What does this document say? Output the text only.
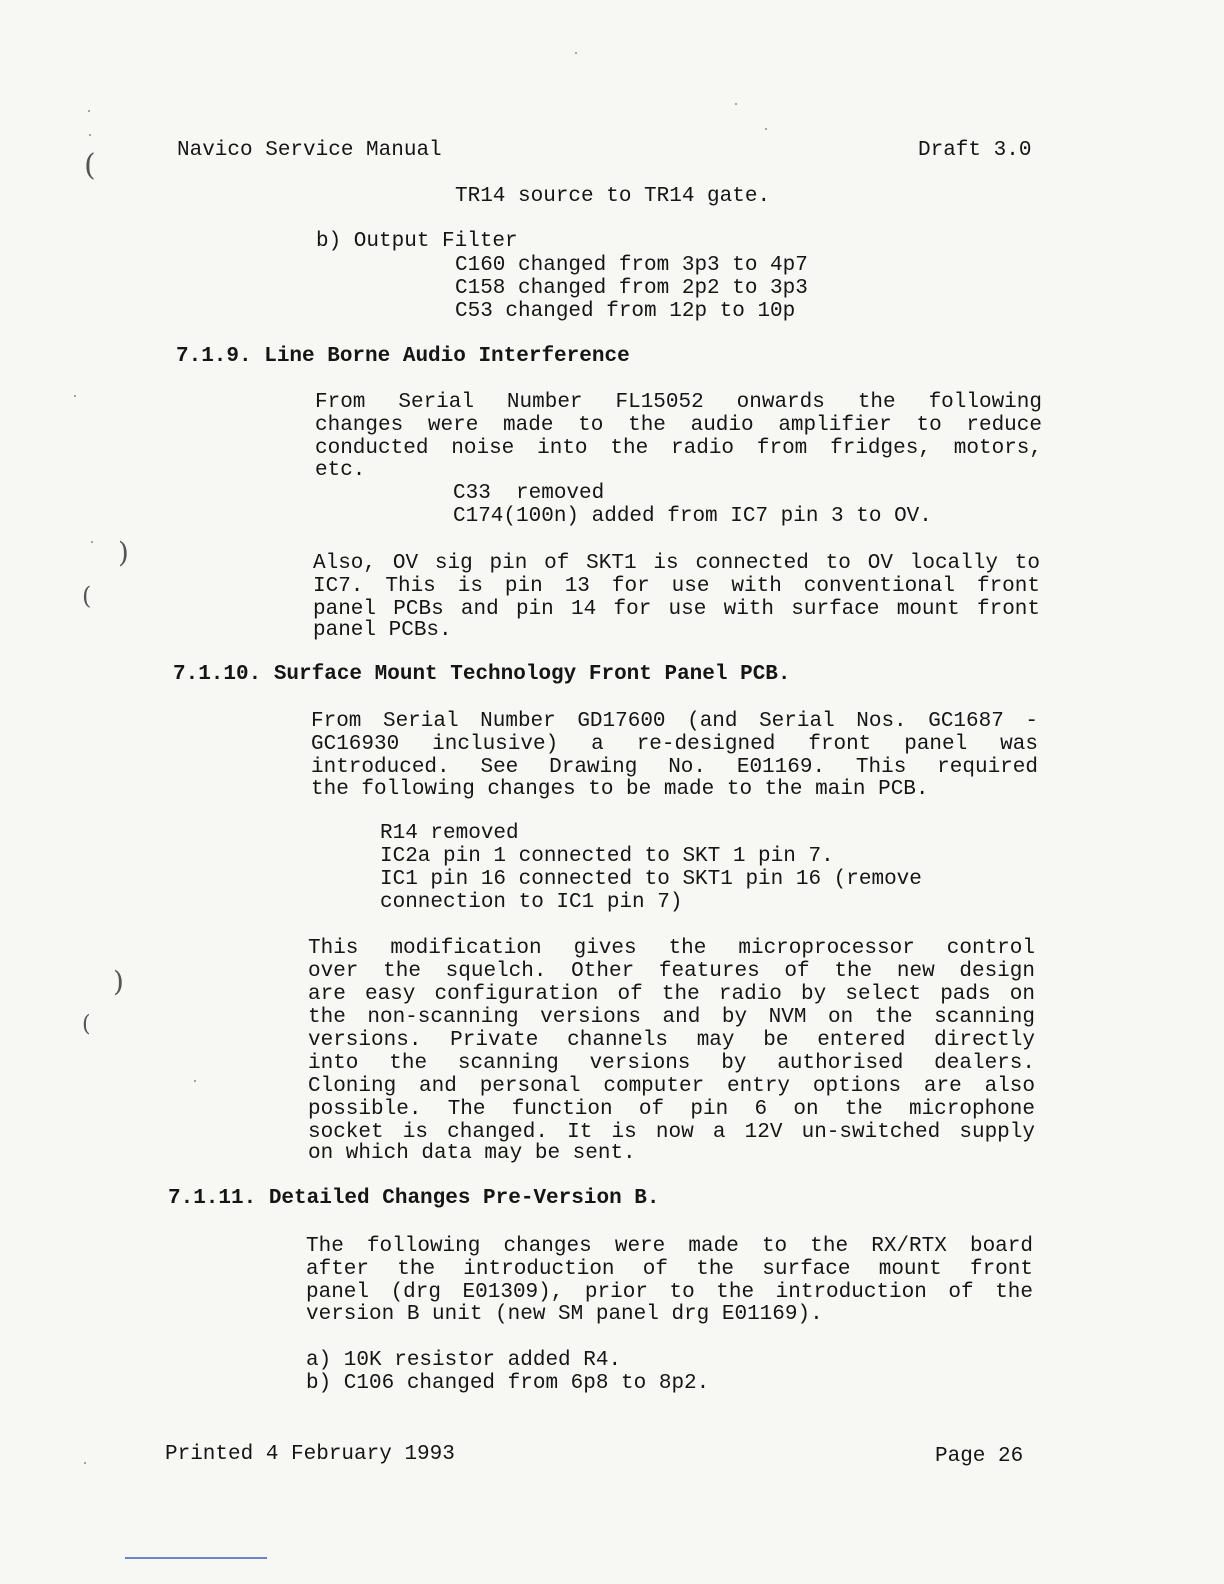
(
)
(
)
(
Navico Service Manual	Draft 3.0
TR14 source to TR14 gate.
b) Output Filter
C160 changed from 3p3 to 4p7
C158 changed from 2p2 to 3p3
C53 changed from 12p to 10p
7.1.9. Line Borne Audio Interference
From Serial Number FL15052 onwards the following
changes were made to the audio amplifier to reduce
conducted noise into the radio from fridges, motors,
etc.
C33  removed
C174(100n) added from IC7 pin 3 to OV.
Also, OV sig pin of SKT1 is connected to OV locally to
IC7. This is pin 13 for use with conventional front
panel PCBs and pin 14 for use with surface mount front
panel PCBs.
7.1.10. Surface Mount Technology Front Panel PCB.
From Serial Number GD17600 (and Serial Nos. GC1687 -
GC16930 inclusive) a re-designed front panel was
introduced. See Drawing No. E01169. This required
the following changes to be made to the main PCB.
R14 removed
IC2a pin 1 connected to SKT 1 pin 7.
IC1 pin 16 connected to SKT1 pin 16 (remove
connection to IC1 pin 7)
This modification gives the microprocessor control
over the squelch. Other features of the new design
are easy configuration of the radio by select pads on
the non-scanning versions and by NVM on the scanning
versions. Private channels may be entered directly
into the scanning versions by authorised dealers.
Cloning and personal computer entry options are also
possible. The function of pin 6 on the microphone
socket is changed. It is now a 12V un-switched supply
on which data may be sent.
7.1.11. Detailed Changes Pre-Version B.
The following changes were made to the RX/RTX board
after the introduction of the surface mount front
panel (drg E01309), prior to the introduction of the
version B unit (new SM panel drg E01169).
a) 10K resistor added R4.
b) C106 changed from 6p8 to 8p2.
Printed 4 February 1993	Page 26
